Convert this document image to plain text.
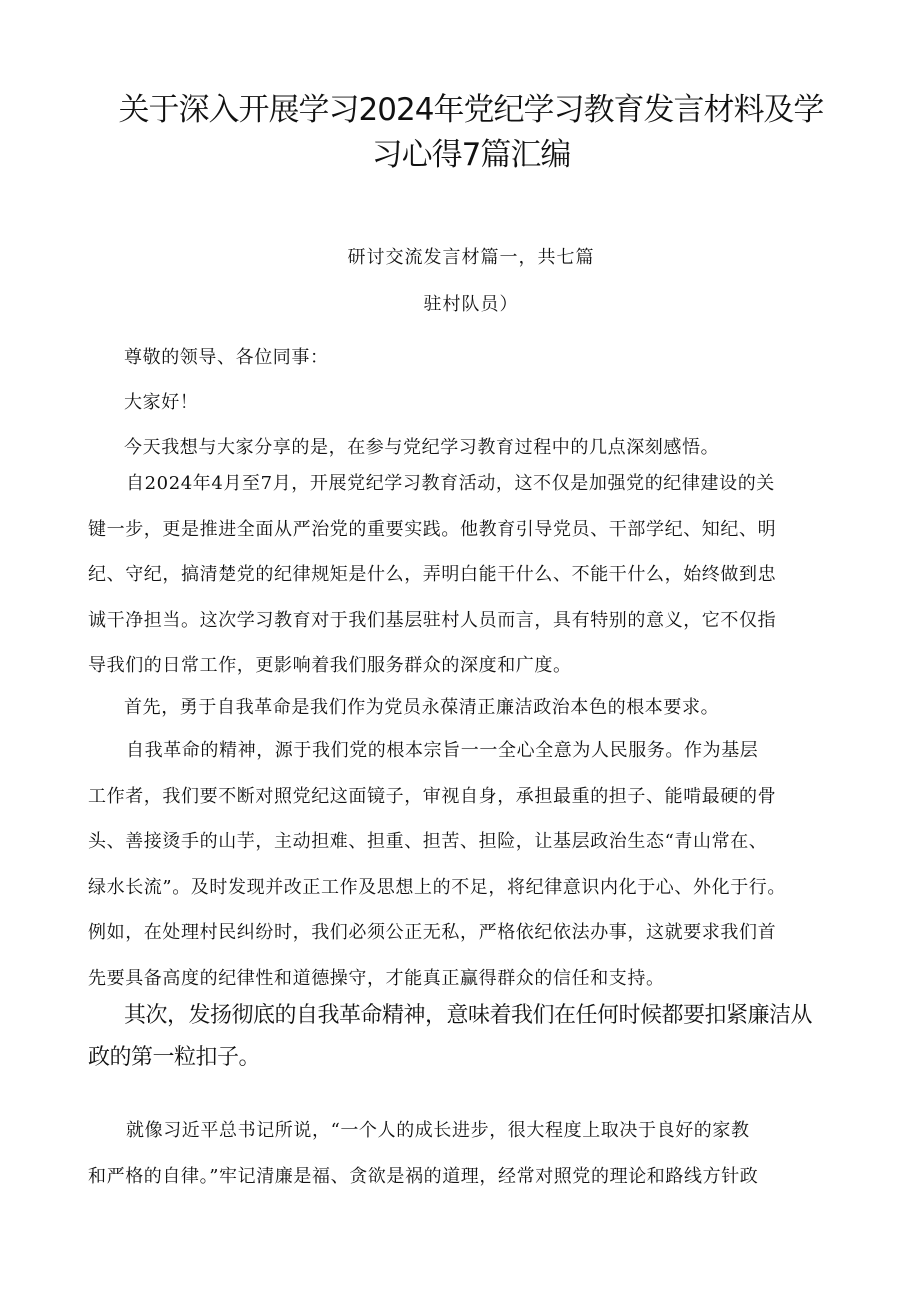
关于深入开展学习2024年党纪学习教育发言材料及学
习心得7篇汇编
研讨交流发言材篇一，共七篇
驻村队员）
尊敬的领导、各位同事：
大家好！
今天我想与大家分享的是，在参与党纪学习教育过程中的几点深刻感悟。
自2024年4月至7月，开展党纪学习教育活动，这不仅是加强党的纪律建设的关
键一步，更是推进全面从严治党的重要实践。他教育引导党员、干部学纪、知纪、明
纪、守纪，搞清楚党的纪律规矩是什么，弄明白能干什么、不能干什么，始终做到忠
诚干净担当。这次学习教育对于我们基层驻村人员而言，具有特别的意义，它不仅指
导我们的日常工作，更影响着我们服务群众的深度和广度。
首先，勇于自我革命是我们作为党员永葆清正廉洁政治本色的根本要求。
自我革命的精神，源于我们党的根本宗旨一一全心全意为人民服务。作为基层
工作者，我们要不断对照党纪这面镜子，审视自身，承担最重的担子、能啃最硬的骨
头、善接烫手的山芋，主动担难、担重、担苦、担险，让基层政治生态“青山常在、
绿水长流”。及时发现并改正工作及思想上的不足，将纪律意识内化于心、外化于行。
例如，在处理村民纠纷时，我们必须公正无私，严格依纪依法办事，这就要求我们首
先要具备高度的纪律性和道德操守，才能真正赢得群众的信任和支持。
其次，发扬彻底的自我革命精神，意味着我们在任何时候都要扣紧廉洁从
政的第一粒扣子。
就像习近平总书记所说，“一个人的成长进步，很大程度上取决于良好的家教
和严格的自律。”牢记清廉是福、贪欲是祸的道理，经常对照党的理论和路线方针政
